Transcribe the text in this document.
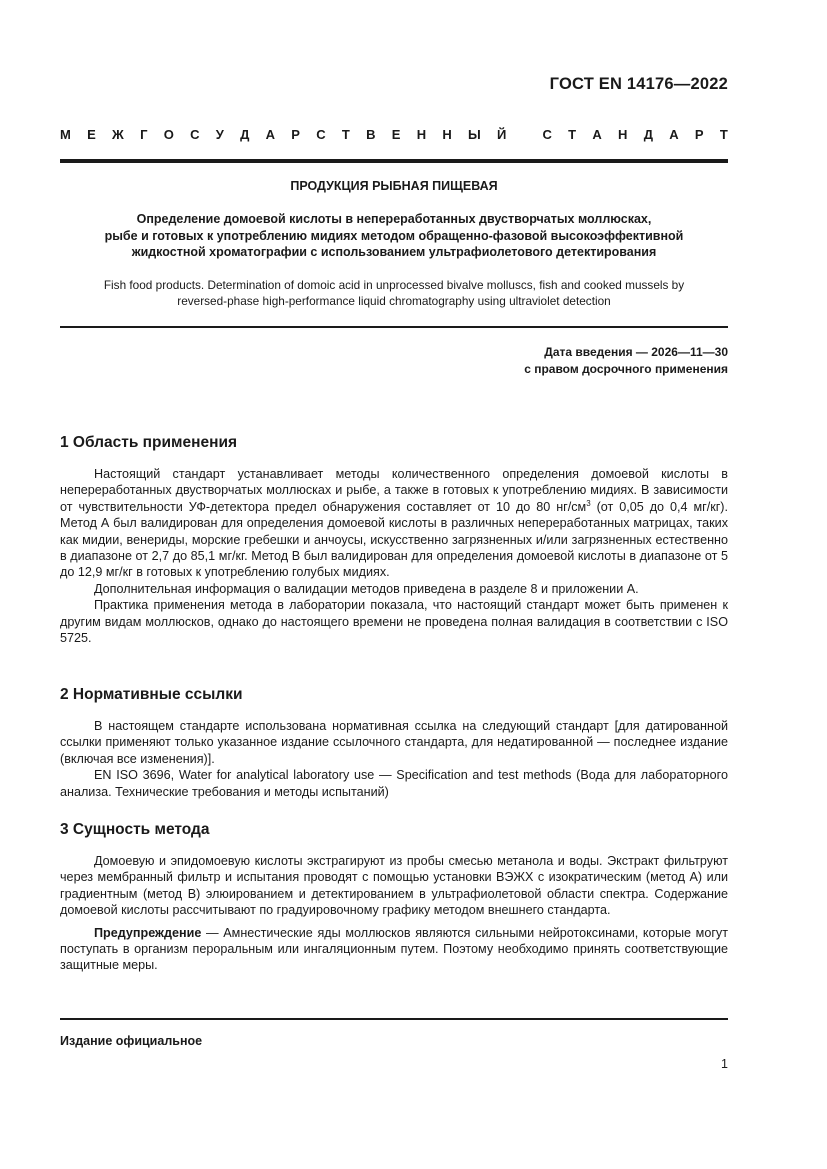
ГОСТ EN 14176—2022
М Е Ж Г О С У Д А Р С Т В Е Н Н Ы Й
	С Т А Н Д А Р Т
ПРОДУКЦИЯ РЫБНАЯ ПИЩЕВАЯ
Определение домоевой кислоты в непереработанных двустворчатых моллюсках,
рыбе и готовых к употреблению мидиях методом обращенно-фазовой высокоэффективной
жидкостной хроматографии с использованием ультрафиолетового детектирования
Fish food products. Determination of domoic acid in unprocessed bivalve molluscs, fish and cooked mussels by
reversed-phase high-performance liquid chromatography using ultraviolet detection
Дата введения — 2026—11—30
с правом досрочного применения

1 Область применения

Настоящий стандарт устанавливает методы количественного определения домоевой кислоты в непереработанных двустворчатых моллюсках и рыбе, а также в готовых к употреблению мидиях. В зависимости от чувствительности УФ-детектора предел обнаружения составляет от 10 до 80 $нг/см^3$ (от 0,05 до 0,4 мг/кг). Метод А был валидирован для определения домоевой кислоты в различных непереработанных матрицах, таких как мидии, венериды, морские гребешки и анчоусы, искусственно загрязненных и/или загрязненных естественно в диапазоне от 2,7 до 85,1 мг/кг. Метод В был валидирован для определения домоевой кислоты в диапазоне от 5 до 12,9 мг/кг в готовых к употреблению голубых мидиях.

Дополнительная информация о валидации методов приведена в разделе 8 и приложении А.

Практика применения метода в лаборатории показала, что настоящий стандарт может быть применен к другим видам моллюсков, однако до настоящего времени не проведена полная валидация в соответствии с ISO 5725.

2 Нормативные ссылки

В настоящем стандарте использована нормативная ссылка на следующий стандарт [для датированной ссылки применяют только указанное издание ссылочного стандарта, для недатированной — последнее издание (включая все изменения)].

EN ISO 3696, Water for analytical laboratory use — Specification and test methods (Вода для лабораторного анализа. Технические требования и методы испытаний)

3 Сущность метода

Домоевую и эпидомоевую кислоты экстрагируют из пробы смесью метанола и воды. Экстракт фильтруют через мембранный фильтр и испытания проводят с помощью установки ВЭЖХ с изократическим (метод А) или градиентным (метод В) элюированием и детектированием в ультрафиолетовой области спектра. Содержание домоевой кислоты рассчитывают по градуировочному графику методом внешнего стандарта.

Предупреждение — Амнестические яды моллюсков являются сильными нейротоксинами, которые могут поступать в организм пероральным или ингаляционным путем. Поэтому необходимо принять соответствующие защитные меры.

Издание официальное
1
